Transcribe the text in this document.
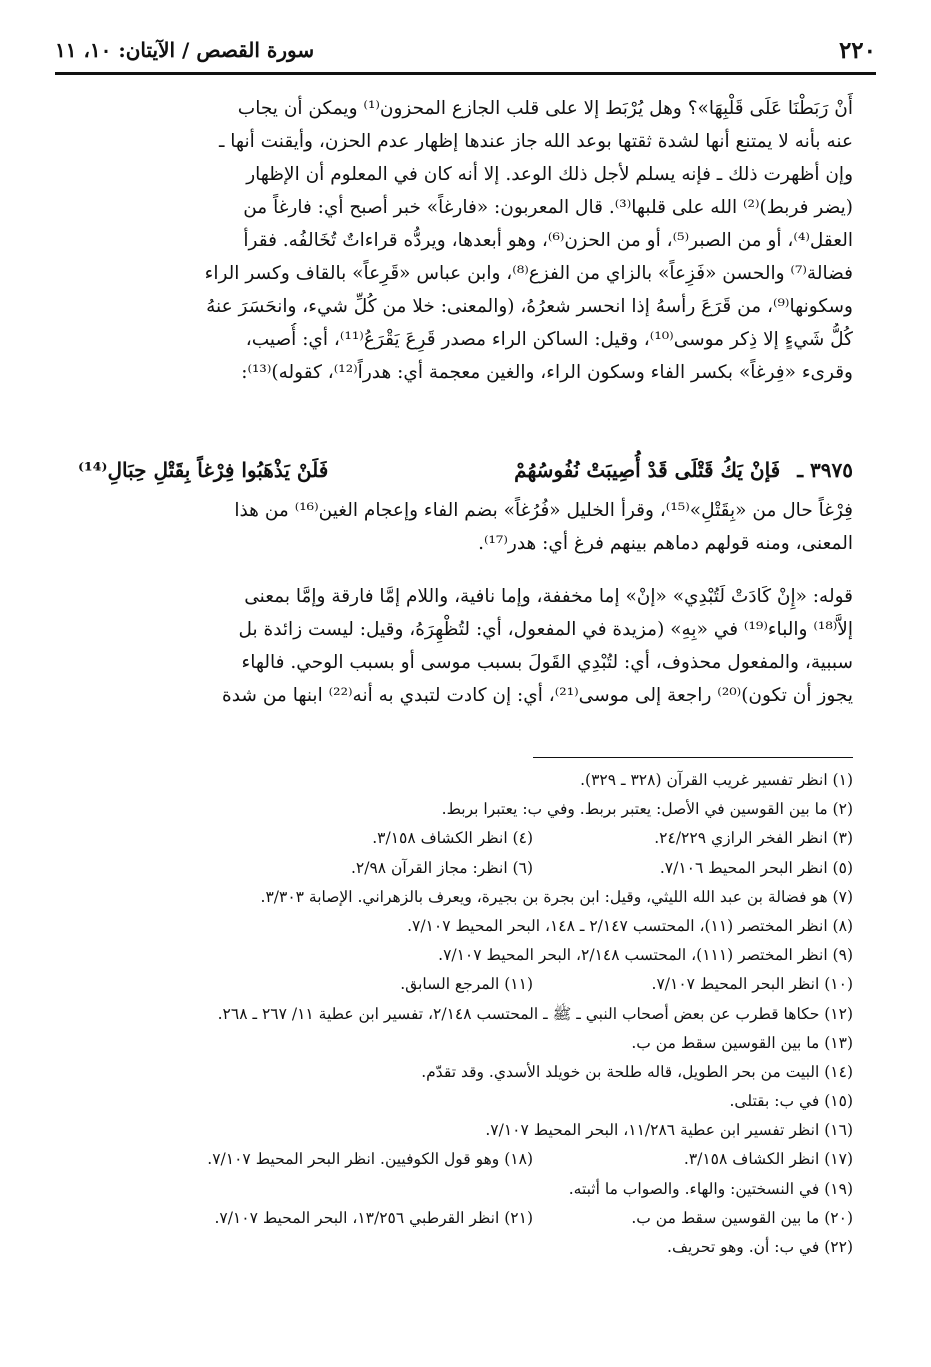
٢٢٠
سورة القصص / الآيتان: ١٠، ١١
أَنْ رَبَطْنَا عَلَى قَلْبِهَا»؟ وهل يُرْبَط إلا على قلب الجازع المحزون⁽¹⁾ ويمكن أن يجاب
عنه بأنه لا يمتنع أنها لشدة ثقتها بوعد الله جاز عندها إظهار عدم الحزن، وأيقنت أنها ـ
وإن أظهرت ذلك ـ فإنه يسلم لأجل ذلك الوعد. إلا أنه كان في المعلوم أن الإظهار
(يضر فربط)⁽²⁾ الله على قلبها⁽³⁾. قال المعربون: «فارغاً» خبر أصبح أي: فارغاً من
العقل⁽⁴⁾، أو من الصبر⁽⁵⁾، أو من الحزن⁽⁶⁾، وهو أبعدها، ويردُّه قراءاتٌ تُخَالفُه. فقرأ
فضالة⁽⁷⁾ والحسن «فَزِعاً» بالزاي من الفزع⁽⁸⁾، وابن عباس «قَرِعاً» بالقاف وكسر الراء
وسكونها⁽⁹⁾، من قَرَعَ رأسهُ إذا انحسر شعرُهُ، (والمعنى: خلا من كُلِّ شيء، وانحَسَرَ عنهُ
كُلُّ شَيءٍ إلا ذِكر موسى⁽¹⁰⁾، وقيل: الساكن الراء مصدر قَرِعَ يَقْرَعُ⁽¹¹⁾، أي: أُصيب،
وقرىء «فِرغاً» بكسر الفاء وسكون الراء، والغين معجمة أي: هدراً⁽¹²⁾، كقوله)⁽¹³⁾:
٣٩٧٥ ـ فَإنْ يَكُ قَتْلَى قَدْ أُصِيبَتْ نُفُوسُهُمْ
فَلَنْ يَذْهَبُوا فِرْغاً بِقَتْلِ حِبَالِ⁽¹⁴⁾
فِرْغاً حال من «بِقَتْلِ»⁽¹⁵⁾، وقرأ الخليل «فُرُغاً» بضم الفاء وإعجام الغين⁽¹⁶⁾ من هذا
المعنى، ومنه قولهم دماهم بينهم فرغ أي: هدر⁽¹⁷⁾.
قوله: «إِنْ كَادَتْ لَتُبْدِي» «إنْ» إما مخففة، وإما نافية، واللام إمَّا فارقة وإمَّا بمعنى
إلاَّ⁽¹⁸⁾ والباء⁽¹⁹⁾ في «بِهِ» (مزيدة في المفعول، أي: لتُظْهِرَهُ، وقيل: ليست زائدة بل
سببية، والمفعول محذوف، أي: لتُبْدِي القَولَ بسبب موسى أو بسبب الوحي. فالهاء
يجوز أن تكون)⁽²⁰⁾ راجعة إلى موسى⁽²¹⁾، أي: إن كادت لتبدي به أنه⁽²²⁾ ابنها من شدة
(١) انظر تفسير غريب القرآن (٣٢٨ ـ ٣٢٩).
(٢) ما بين القوسين في الأصل: يعتبر بربط. وفي ب: يعتبرا بربط.
(٣) انظر الفخر الرازي ٢٤/٢٢٩.
(٤) انظر الكشاف ٣/١٥٨.
(٥) انظر البحر المحيط ٧/١٠٦.
(٦) انظر: مجاز القرآن ٢/٩٨.
(٧) هو فضالة بن عبد الله الليثي، وقيل: ابن بجرة بن بجيرة، ويعرف بالزهراني. الإصابة ٣/٣٠٣.
(٨) انظر المختصر (١١)، المحتسب ٢/١٤٧ ـ ١٤٨، البحر المحيط ٧/١٠٧.
(٩) انظر المختصر (١١١)، المحتسب ٢/١٤٨، البحر المحيط ٧/١٠٧.
(١٠) انظر البحر المحيط ٧/١٠٧.
(١١) المرجع السابق.
(١٢) حكاها قطرب عن بعض أصحاب النبي ـ ﷺ ـ المحتسب ٢/١٤٨، تفسير ابن عطية ١١/ ٢٦٧ ـ ٢٦٨.
(١٣) ما بين القوسين سقط من ب.
(١٤) البيت من بحر الطويل، قاله طلحة بن خويلد الأسدي. وقد تقدّم.
(١٥) في ب: بقتلى.
(١٦) انظر تفسير ابن عطية ١١/٢٨٦، البحر المحيط ٧/١٠٧.
(١٧) انظر الكشاف ٣/١٥٨.
(١٨) وهو قول الكوفيين. انظر البحر المحيط ٧/١٠٧.
(١٩) في النسختين: والهاء. والصواب ما أثبته.
(٢٠) ما بين القوسين سقط من ب.
(٢١) انظر القرطبي ١٣/٢٥٦، البحر المحيط ٧/١٠٧.
(٢٢) في ب: أن. وهو تحريف.
